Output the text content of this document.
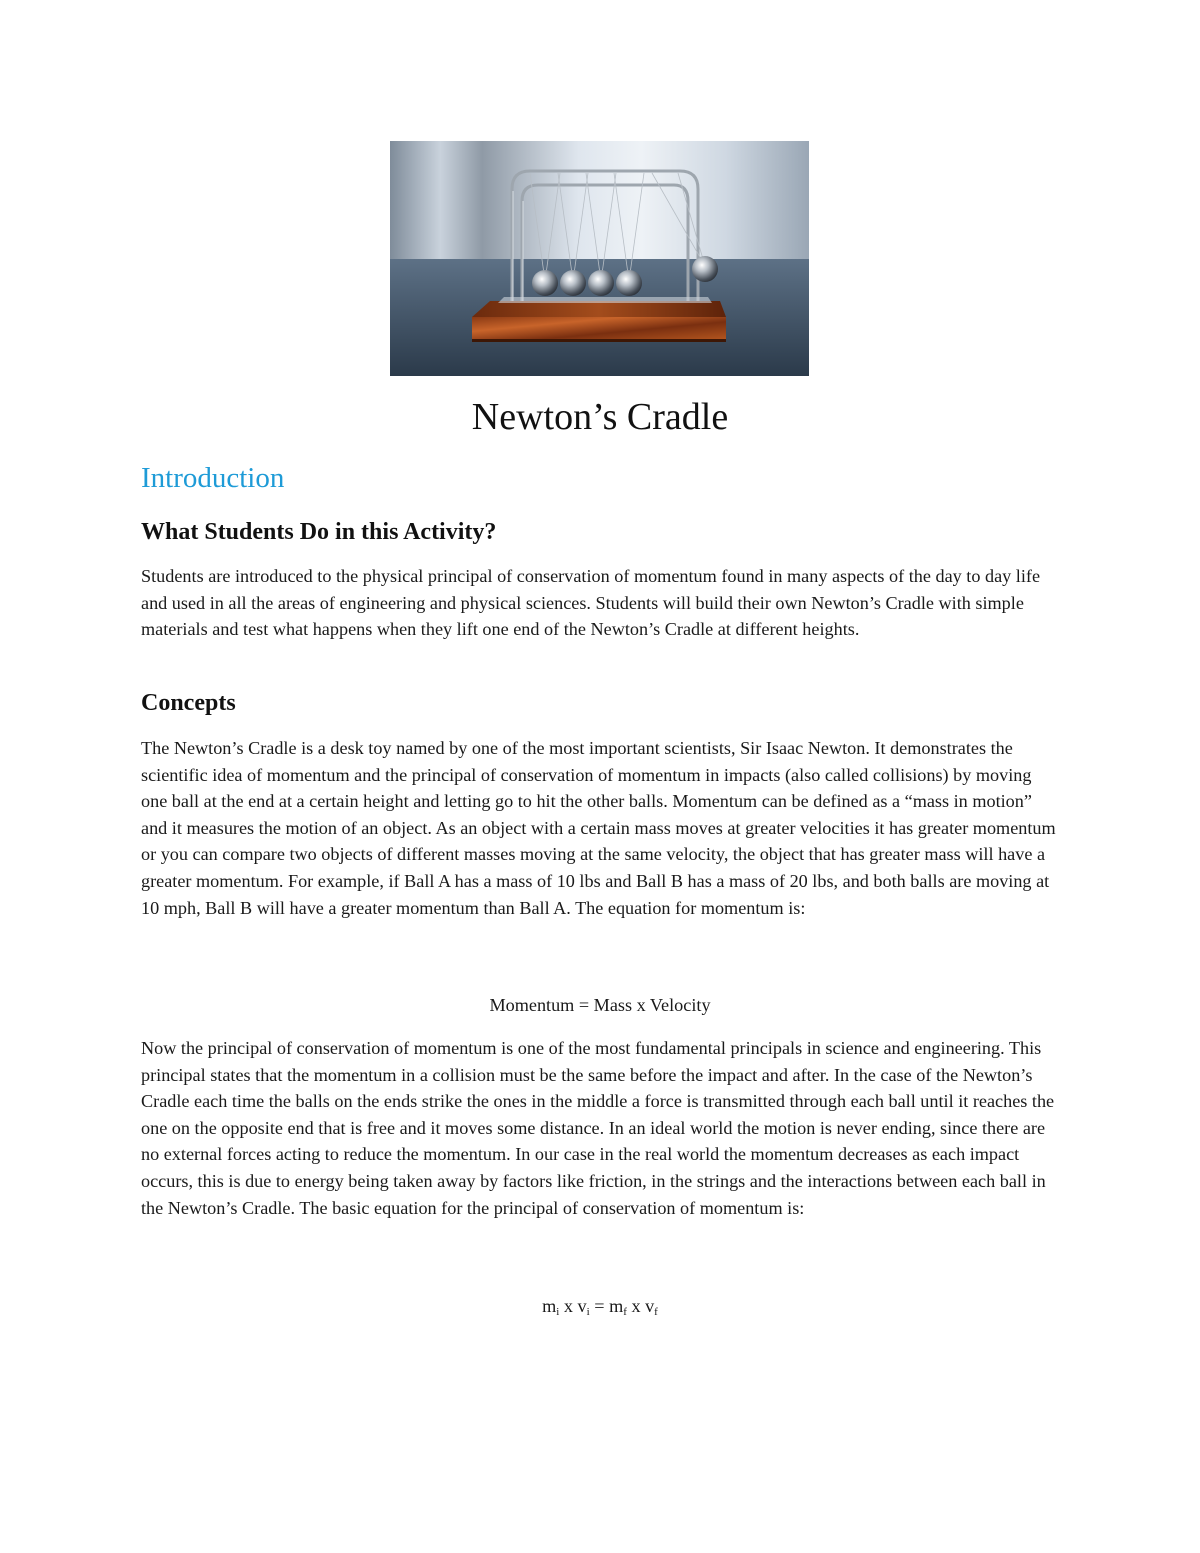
Newton’s Cradle
Introduction
What Students Do in this Activity?
Students are introduced to the physical principal of conservation of momentum found in many aspects of the day to day life and used in all the areas of engineering and physical sciences. Students will build their own Newton’s Cradle with simple materials and test what happens when they lift one end of the Newton’s Cradle at different heights.
Concepts
The Newton’s Cradle is a desk toy named by one of the most important scientists, Sir Isaac Newton. It demonstrates the scientific idea of momentum and the principal of conservation of momentum in impacts (also called collisions) by moving one ball at the end at a certain height and letting go to hit the other balls. Momentum can be defined as a “mass in motion” and it measures the motion of an object. As an object with a certain mass moves at greater velocities it has greater momentum or you can compare two objects of different masses moving at the same velocity, the object that has greater mass will have a greater momentum. For example, if Ball A has a mass of 10 lbs and Ball B has a mass of 20 lbs, and both balls are moving at 10 mph, Ball B will have a greater momentum than Ball A. The equation for momentum is:
Momentum = Mass x Velocity
Now the principal of conservation of momentum is one of the most fundamental principals in science and engineering. This principal states that the momentum in a collision must be the same before the impact and after. In the case of the Newton’s Cradle each time the balls on the ends strike the ones in the middle a force is transmitted through each ball until it reaches the one on the opposite end that is free and it moves some distance. In an ideal world the motion is never ending, since there are no external forces acting to reduce the momentum. In our case in the real world the momentum decreases as each impact occurs, this is due to energy being taken away by factors like friction, in the strings and the interactions between each ball in the Newton’s Cradle. The basic equation for the principal of conservation of momentum is:
$m_i$ x $v_i = m_f$ x $v_f$
